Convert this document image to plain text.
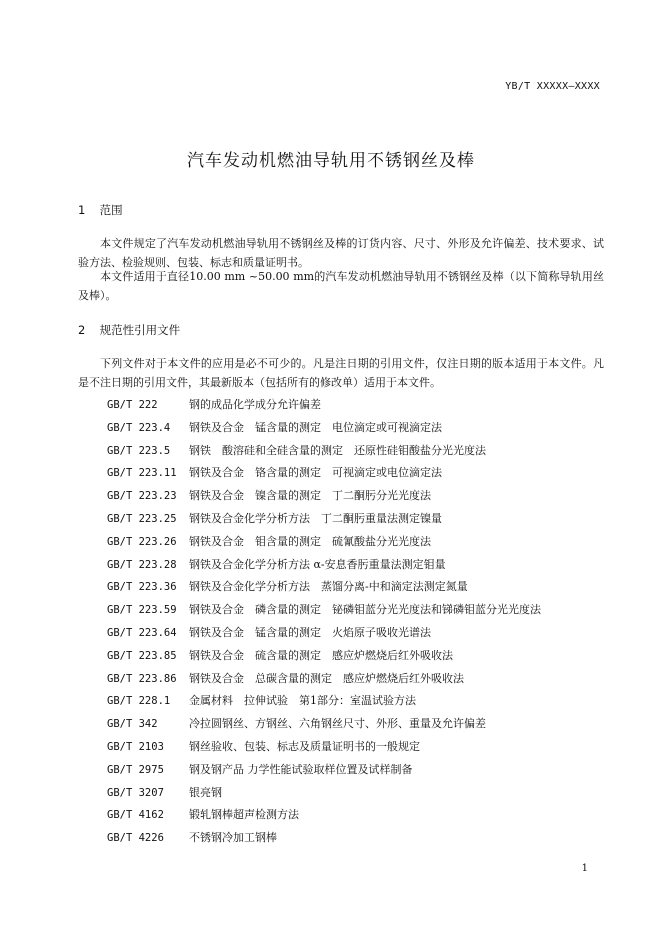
YB/T XXXXX—XXXX
汽车发动机燃油导轨用不锈钢丝及棒
1 范围

本文件规定了汽车发动机燃油导轨用不锈钢丝及棒的订货内容、尺寸、外形及允许偏差、技术要求、试验方法、检验规则、包装、标志和质量证明书。

本文件适用于直径10.00 mm ~50.00 mm的汽车发动机燃油导轨用不锈钢丝及棒（以下简称导轨用丝及棒）。

2 规范性引用文件

下列文件对于本文件的应用是必不可少的。凡是注日期的引用文件，仅注日期的版本适用于本文件。凡是不注日期的引用文件，其最新版本（包括所有的修改单）适用于本文件。

GB/T 222	钢的成品化学成分允许偏差
GB/T 223.4 钢铁及合金　锰含量的测定　电位滴定或可视滴定法
GB/T 223.5 钢铁　酸溶硅和全硅含量的测定　还原性硅钼酸盐分光光度法
GB/T 223.11 钢铁及合金　铬含量的测定　可视滴定或电位滴定法
GB/T 223.23 钢铁及合金　镍含量的测定　丁二酮肟分光光度法
GB/T 223.25 钢铁及合金化学分析方法　丁二酮肟重量法测定镍量
GB/T 223.26 钢铁及合金　钼含量的测定　硫氰酸盐分光光度法
GB/T 223.28 钢铁及合金化学分析方法 α-安息香肟重量法测定钼量
GB/T 223.36 钢铁及合金化学分析方法　蒸馏分离-中和滴定法测定氮量
GB/T 223.59 钢铁及合金　磷含量的测定　铋磷钼蓝分光光度法和锑磷钼蓝分光光度法
GB/T 223.64 钢铁及合金　锰含量的测定　火焰原子吸收光谱法
GB/T 223.85 钢铁及合金　硫含量的测定　感应炉燃烧后红外吸收法
GB/T 223.86 钢铁及合金　总碳含量的测定　感应炉燃烧后红外吸收法
GB/T 228.1 金属材料　拉伸试验　第1部分：室温试验方法
GB/T 342	冷拉圆钢丝、方钢丝、六角钢丝尺寸、外形、重量及允许偏差
GB/T 2103 钢丝验收、包装、标志及质量证明书的一般规定
GB/T 2975 钢及钢产品 力学性能试验取样位置及试样制备
GB/T 3207 银亮钢
GB/T 4162 锻轧钢棒超声检测方法
GB/T 4226 不锈钢冷加工钢棒
1
